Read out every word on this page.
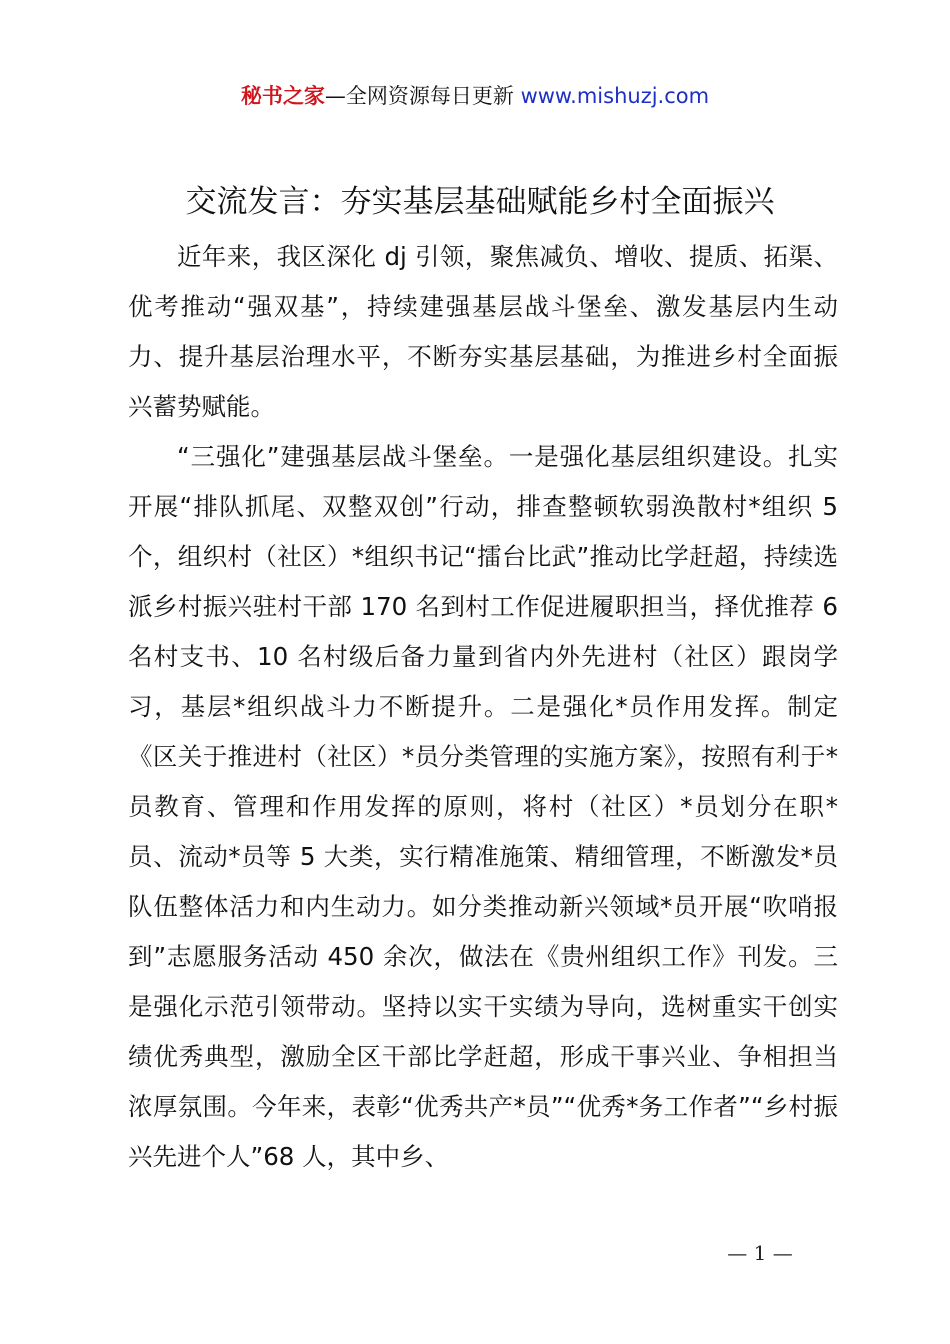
秘书之家—全网资源每日更新 www.mishuzj.com
交流发言：夯实基层基础赋能乡村全面振兴

近年来，我区深化 dj 引领，聚焦减负、增收、提质、拓渠、优考推动“强双基”，持续建强基层战斗堡垒、激发基层内生动力、提升基层治理水平，不断夯实基层基础，为推进乡村全面振兴蓄势赋能。

“三强化”建强基层战斗堡垒。一是强化基层组织建设。扎实开展“排队抓尾、双整双创”行动，排查整顿软弱涣散村*组织 5 个，组织村（社区）*组织书记“擂台比武”推动比学赶超，持续选派乡村振兴驻村干部 170 名到村工作促进履职担当，择优推荐 6 名村支书、10 名村级后备力量到省内外先进村（社区）跟岗学习，基层*组织战斗力不断提升。二是强化*员作用发挥。制定《区关于推进村（社区）*员分类管理的实施方案》，按照有利于*员教育、管理和作用发挥的原则，将村（社区）*员划分在职*员、流动*员等 5 大类，实行精准施策、精细管理，不断激发*员队伍整体活力和内生动力。如分类推动新兴领域*员开展“吹哨报到”志愿服务活动 450 余次，做法在《贵州组织工作》刊发。三是强化示范引领带动。坚持以实干实绩为导向，选树重实干创实绩优秀典型，激励全区干部比学赶超，形成干事兴业、争相担当浓厚氛围。今年来，表彰“优秀共产*员”“优秀*务工作者”“乡村振兴先进个人”68 人，其中乡、

— 1 —
